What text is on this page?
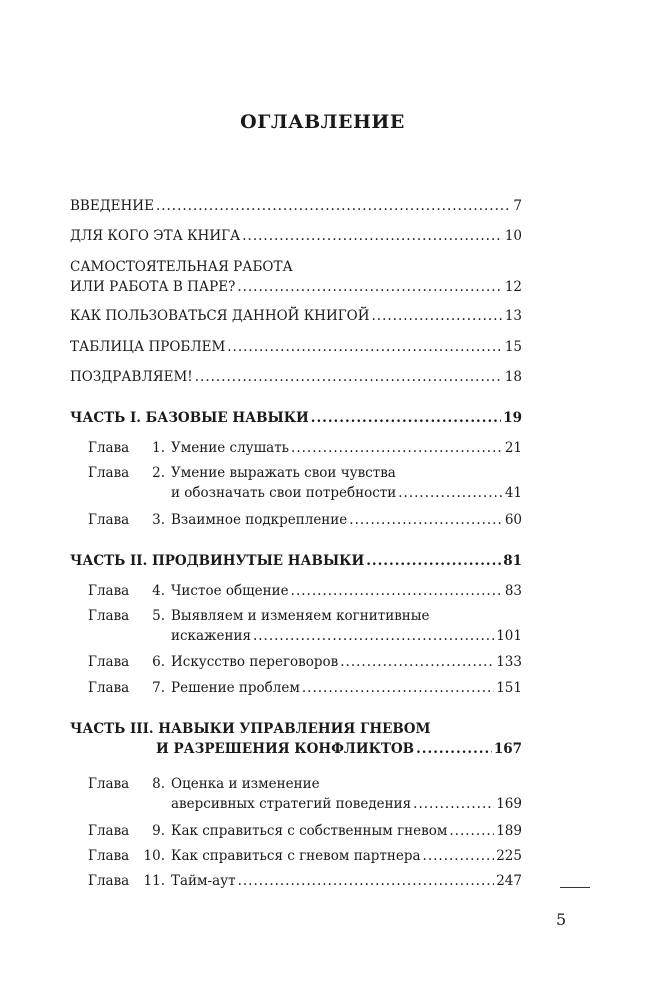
ОГЛАВЛЕНИЕ
ВВЕДЕНИЕ .....	7
ДЛЯ КОГО ЭТА КНИГА .....	10
САМОСТОЯТЕЛЬНАЯ РАБОТА
ИЛИ РАБОТА В ПАРЕ? .....	12
КАК ПОЛЬЗОВАТЬСЯ ДАННОЙ КНИГОЙ .....	13
ТАБЛИЦА ПРОБЛЕМ .....	15
ПОЗДРАВЛЯЕМ! .....	18
ЧАСТЬ I. БАЗОВЫЕ НАВЫКИ .....	19
Глава	1. Умение слушать .....	21
Глава	2. Умение выражать свои чувства
и обозначать свои потребности .....	41
Глава	3. Взаимное подкрепление .....	60
ЧАСТЬ II. ПРОДВИНУТЫЕ НАВЫКИ .....	81
Глава	4. Чистое общение .....	83
Глава	5. Выявляем и изменяем когнитивные
искажения .....	101
Глава	6. Искусство переговоров .....	133
Глава	7. Решение проблем .....	151
ЧАСТЬ III. НАВЫКИ УПРАВЛЕНИЯ ГНЕВОМ
И РАЗРЕШЕНИЯ КОНФЛИКТОВ .....	167
Глава	8. Оценка и изменение
аверсивных стратегий поведения .....	169
Глава	9. Как справиться с собственным гневом .....	189
Глава 10. Как справиться с гневом партнера .....	225
Глава 11. Тайм-аут .....	247
5
